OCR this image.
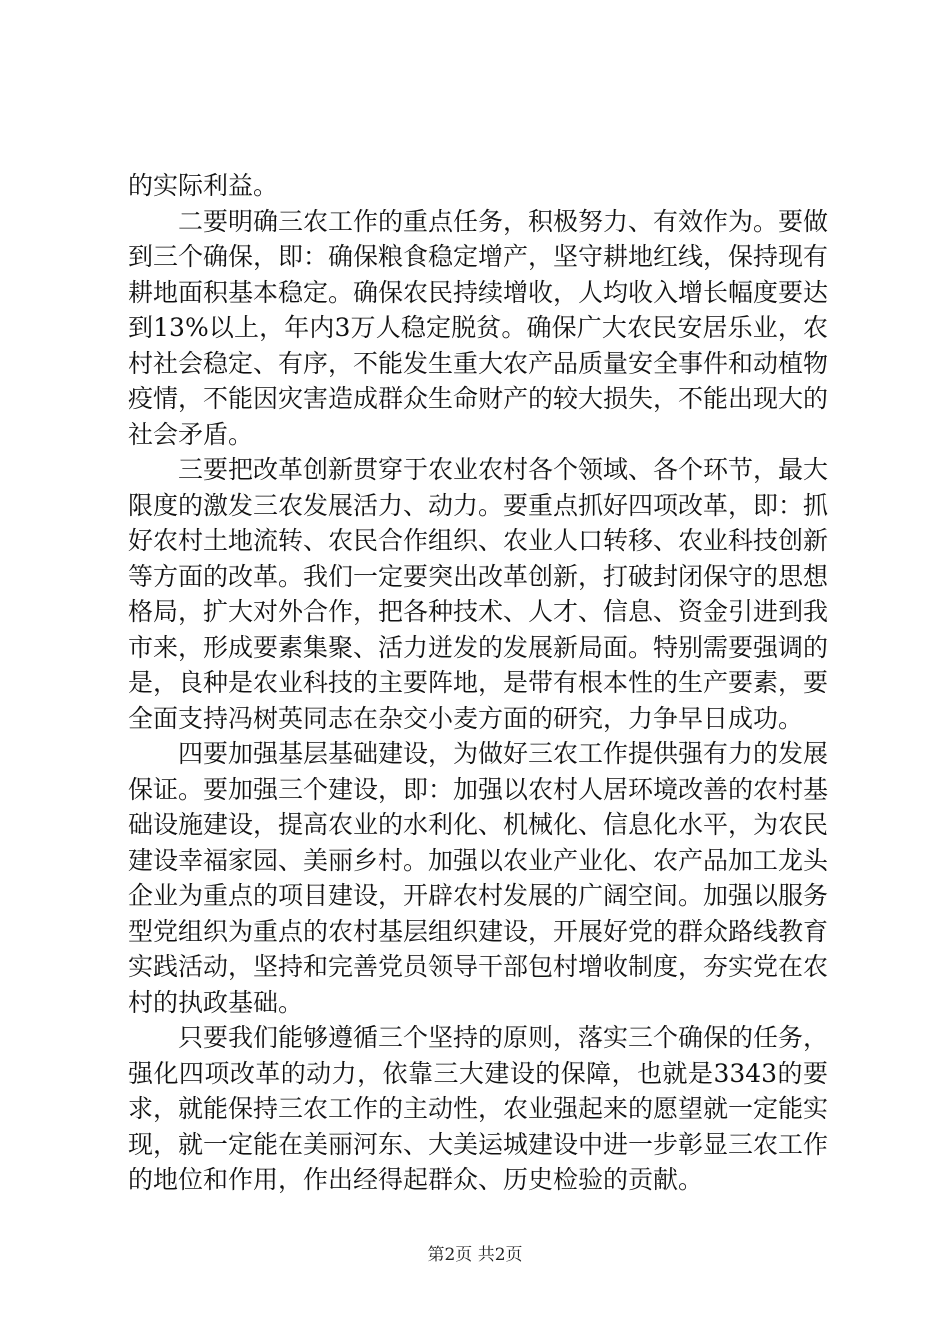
的实际利益。

二要明确三农工作的重点任务，积极努力、有效作为。要做到三个确保，即：确保粮食稳定增产，坚守耕地红线，保持现有耕地面积基本稳定。确保农民持续增收，人均收入增长幅度要达到13%以上，年内3万人稳定脱贫。确保广大农民安居乐业，农村社会稳定、有序，不能发生重大农产品质量安全事件和动植物疫情，不能因灾害造成群众生命财产的较大损失，不能出现大的社会矛盾。

三要把改革创新贯穿于农业农村各个领域、各个环节，最大限度的激发三农发展活力、动力。要重点抓好四项改革，即：抓好农村土地流转、农民合作组织、农业人口转移、农业科技创新等方面的改革。我们一定要突出改革创新，打破封闭保守的思想格局，扩大对外合作，把各种技术、人才、信息、资金引进到我市来，形成要素集聚、活力迸发的发展新局面。特别需要强调的是，良种是农业科技的主要阵地，是带有根本性的生产要素，要全面支持冯树英同志在杂交小麦方面的研究，力争早日成功。

四要加强基层基础建设，为做好三农工作提供强有力的发展保证。要加强三个建设，即：加强以农村人居环境改善的农村基础设施建设，提高农业的水利化、机械化、信息化水平，为农民建设幸福家园、美丽乡村。加强以农业产业化、农产品加工龙头企业为重点的项目建设，开辟农村发展的广阔空间。加强以服务型党组织为重点的农村基层组织建设，开展好党的群众路线教育实践活动，坚持和完善党员领导干部包村增收制度，夯实党在农村的执政基础。

只要我们能够遵循三个坚持的原则，落实三个确保的任务，强化四项改革的动力，依靠三大建设的保障，也就是3343的要求，就能保持三农工作的主动性，农业强起来的愿望就一定能实现，就一定能在美丽河东、大美运城建设中进一步彰显三农工作的地位和作用，作出经得起群众、历史检验的贡献。

第2页 共2页
